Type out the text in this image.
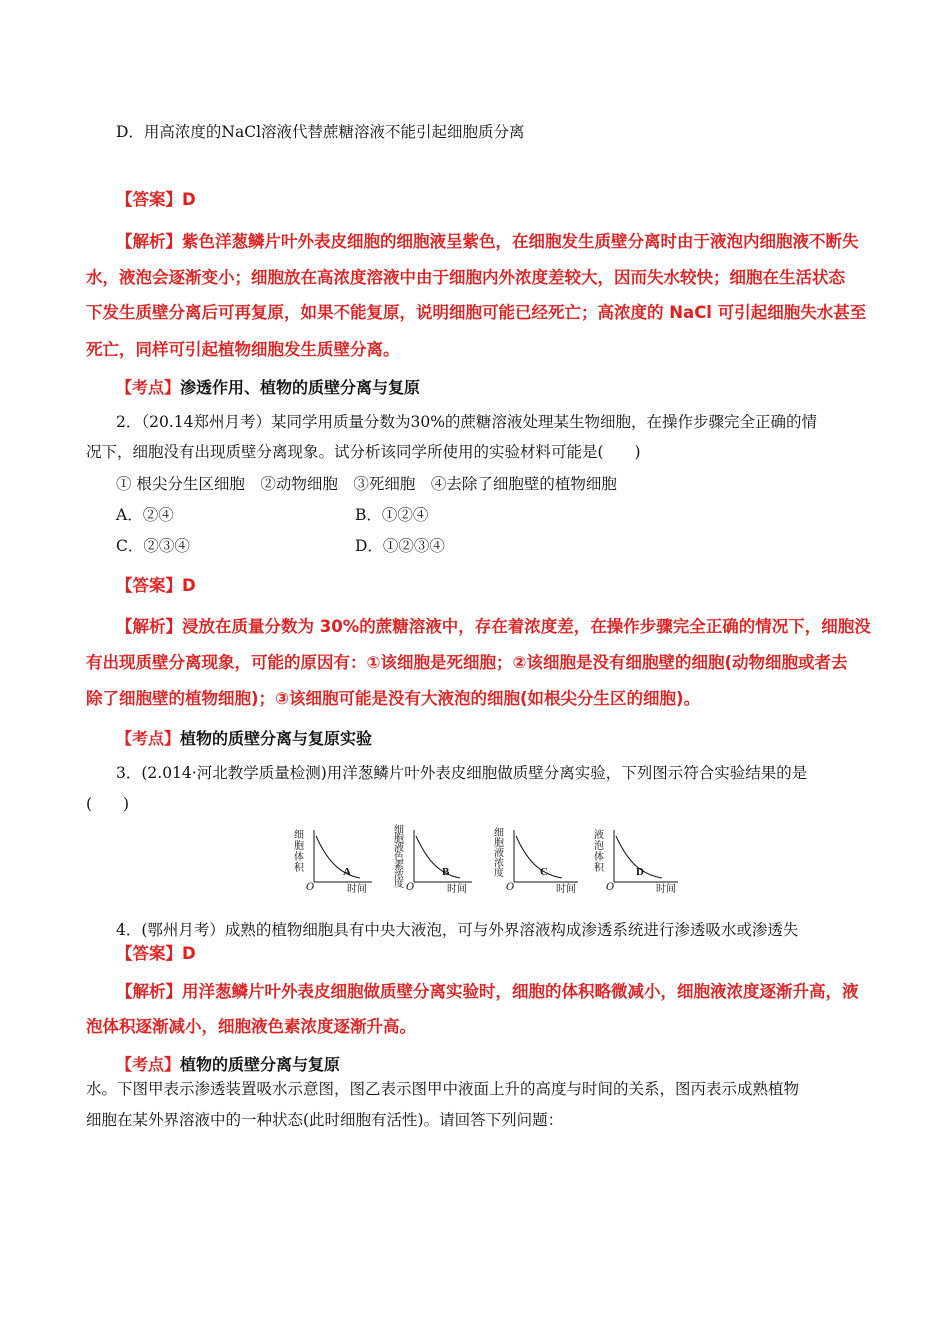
D．用高浓度的NaCl溶液代替蔗糖溶液不能引起细胞质分离
【答案】D
【解析】紫色洋葱鳞片叶外表皮细胞的细胞液呈紫色，在细胞发生质壁分离时由于液泡内细胞液不断失
水，液泡会逐渐变小；细胞放在高浓度溶液中由于细胞内外浓度差较大，因而失水较快；细胞在生活状态
下发生质壁分离后可再复原，如果不能复原，说明细胞可能已经死亡；高浓度的 NaCl 可引起细胞失水甚至
死亡，同样可引起植物细胞发生质壁分离。
【考点】渗透作用、植物的质壁分离与复原
2．（20.14郑州月考）某同学用质量分数为30%的蔗糖溶液处理某生物细胞，在操作步骤完全正确的情
况下，细胞没有出现质壁分离现象。试分析该同学所使用的实验材料可能是(　　)
① 根尖分生区细胞　②动物细胞　③死细胞　④去除了细胞壁的植物细胞
A．②④	B．①②④
C．②③④	D．①②③④
【答案】D
【解析】浸放在质量分数为 30%的蔗糖溶液中，存在着浓度差，在操作步骤完全正确的情况下，细胞没
有出现质壁分离现象，可能的原因有：①该细胞是死细胞；②该细胞是没有细胞壁的细胞(动物细胞或者去
除了细胞壁的植物细胞)；③该细胞可能是没有大液泡的细胞(如根尖分生区的细胞)。
【考点】植物的质壁分离与复原实验
3．(2.014·河北教学质量检测)用洋葱鳞片叶外表皮细胞做质壁分离实验，下列图示符合实验结果的是
(　　)
细
胞
体
积
O	时间
A
细
胞
液
色
素
浓
度 O	时间
B
细
胞
液
浓
度
O	时间
C
液
泡
体
积
O	时间
D
4．(鄂州月考）成熟的植物细胞具有中央大液泡，可与外界溶液构成渗透系统进行渗透吸水或渗透失
【答案】D
【解析】用洋葱鳞片叶外表皮细胞做质壁分离实验时，细胞的体积略微减小，细胞液浓度逐渐升高，液
泡体积逐渐减小，细胞液色素浓度逐渐升高。
【考点】植物的质壁分离与复原
水。下图甲表示渗透装置吸水示意图，图乙表示图甲中液面上升的高度与时间的关系，图丙表示成熟植物
细胞在某外界溶液中的一种状态(此时细胞有活性)。请回答下列问题：
